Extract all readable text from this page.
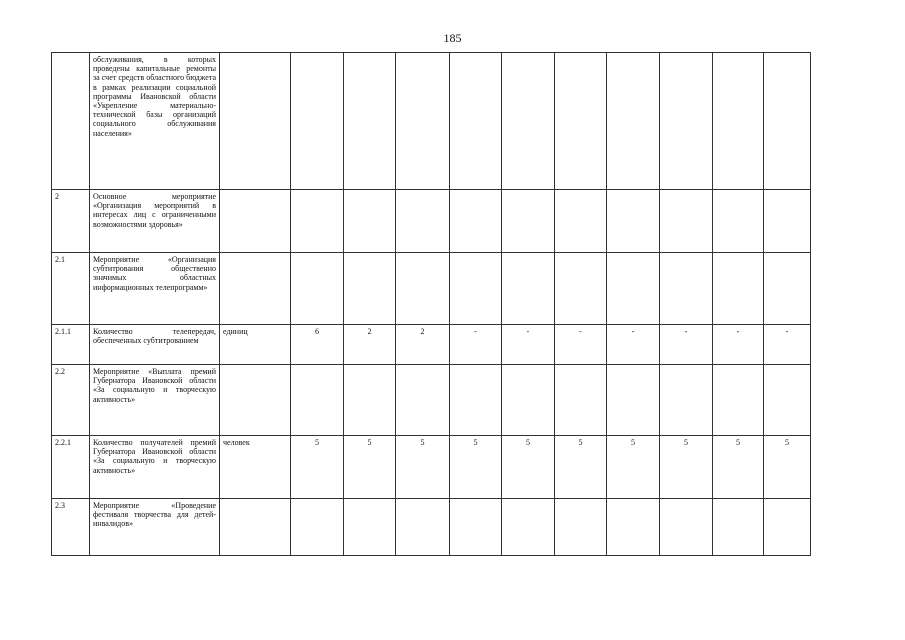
185
	обслуживания, в которых проведены капитальные ремонты за счет средств областного бюджета в рамках реализации социальной программы Ивановской области «Укрепление материально-технической базы организаций социального обслуживания населения»											
2	Основное мероприятие «Организация мероприятий в интересах лиц с ограниченными возможностями здоровья»											
2.1	Мероприятие «Организация субтитрования общественно значимых областных информационных телепрограмм»											
2.1.1	Количество телепередач, обеспеченных субтитрованием	единиц	6	2	2	-	-	-	-	-	-	-
2.2	Мероприятие «Выплата премий Губернатора Ивановской области «За социальную и творческую активность»											
2.2.1	Количество получателей премий Губернатора Ивановской области «За социальную и творческую активность»	человек	5	5	5	5	5	5	5	5	5	5
2.3	Мероприятие «Проведение фестиваля творчества для детей-инвалидов»											
